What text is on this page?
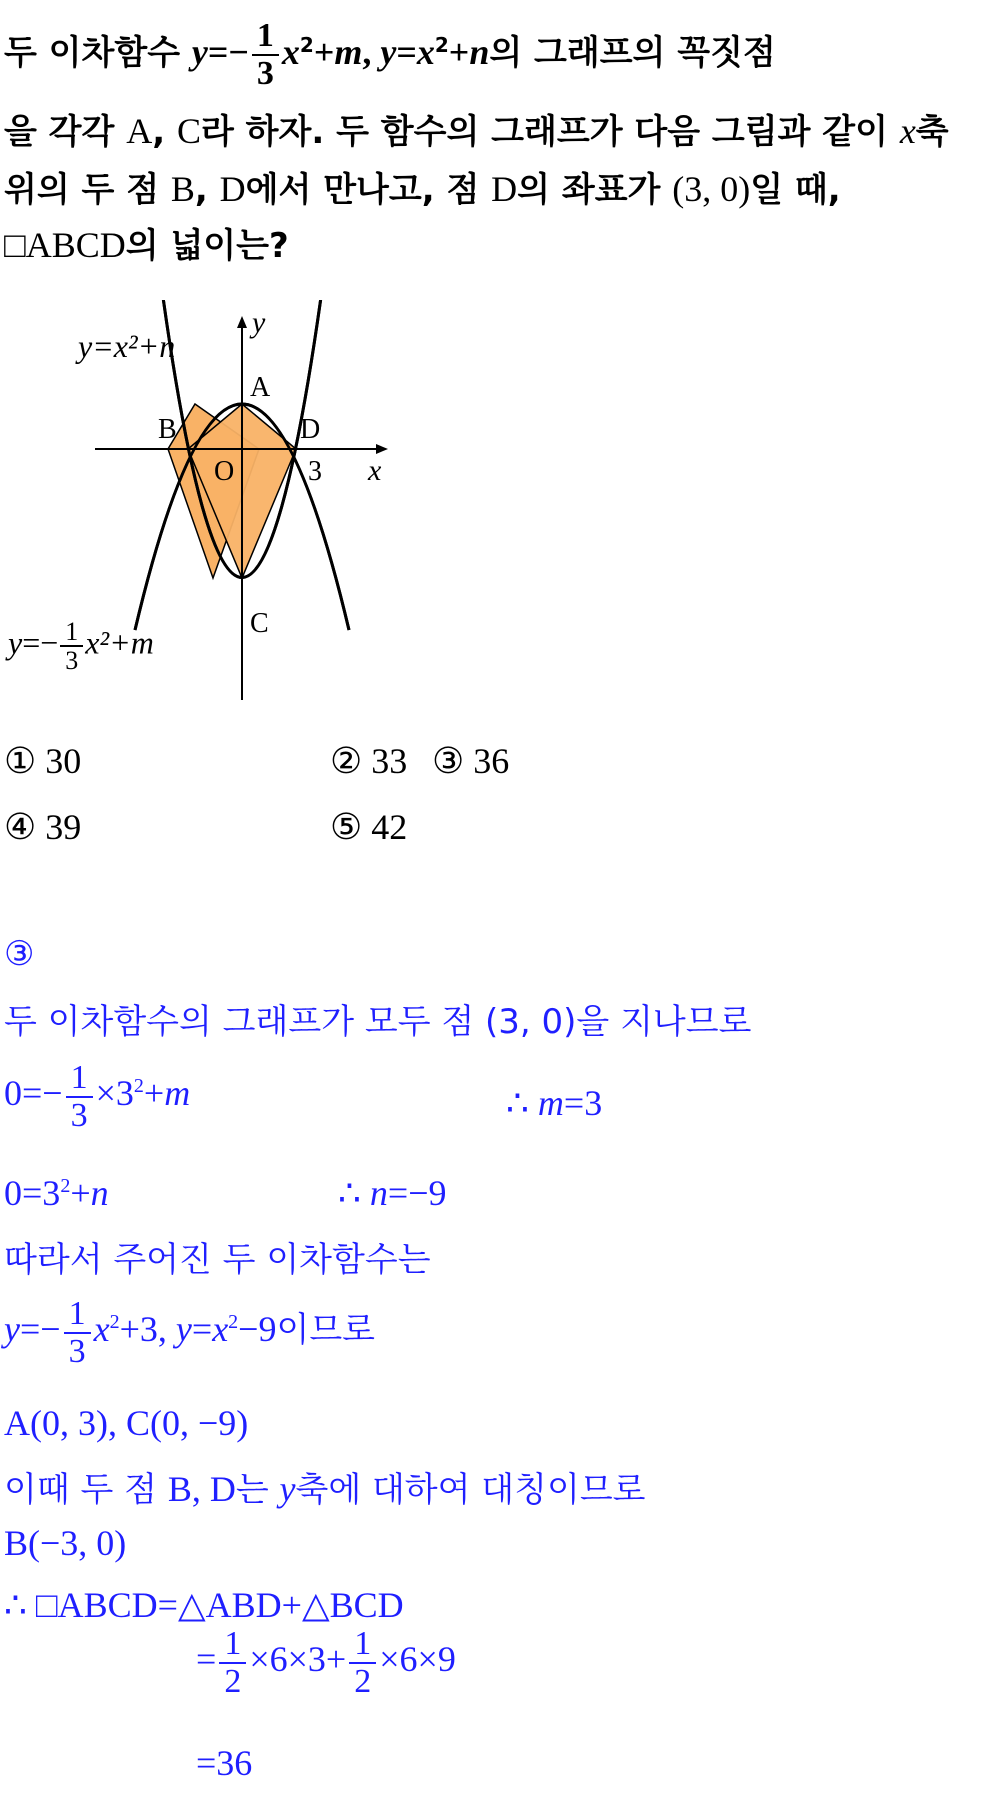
두 이차함수 $y=- \frac{1}{3} x^2+m$, $y=x^2+n$의 그래프의 꼭짓점
을 각각 A, C라 하자. 두 함수의 그래프가 다음 그림과 같이 x축
위의 두 점 B, D에서 만나고, 점 D의 좌표가 (3, 0)일 때,
□ABCD의 넓이는?
y
x
A
B	D
O	3
C
y=x²+n
$y=- \frac{1}{3} x^2+m$
① 30	② 33 ③ 36
④ 39	⑤ 42
③
두 이차함수의 그래프가 모두 점 (3, 0)을 지나므로
$0=- \frac{1}{3} \times 3^2+m$	∴ m=3
$0=3^2+n$	∴ n=−9
따라서 주어진 두 이차함수는
$y=- \frac{1}{3} x^2+3$, $y=x^2-9$이므로
A(0, 3), C(0, −9)
이때 두 점 B, D는 y축에 대하여 대칭이므로
B(−3, 0)
∴ □ABCD=△ABD+△BCD
= $\frac{1}{2} \times 6\times 3+ \frac{1}{2} \times 6\times 9$
=36
